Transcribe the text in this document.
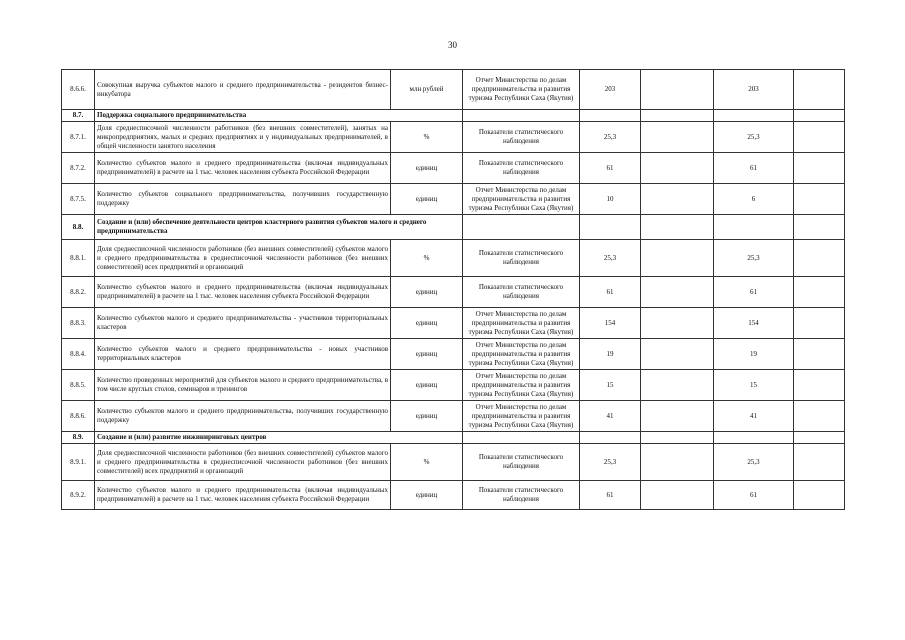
30
8.6.6.	Совокупная выручка субъектов малого и среднего предпринимательства - резидентов бизнес-инкубатора	млн рублей	Отчет Министерства по делам предпринимательства и развития туризма Республики Саха (Якутия)	203		203	
8.7.	Поддержка социального предпринимательства						
8.7.1.	Доля среднесписочной численности работников (без внешних совместителей), занятых на микропредприятиях, малых и средних предприятиях и у индивидуальных предпринимателей, в общей численности занятого населения	%	Показатели статистического наблюдения	25,3		25,3	
8.7.2.	Количество субъектов малого и среднего предпринимательства (включая индивидуальных предпринимателей) в расчете на 1 тыс. человек населения субъекта Российской Федерации	единиц	Показатели статистического наблюдения	61		61	
8.7.5.	Количество субъектов социального предпринимательства, получивших государственную поддержку	единиц	Отчет Министерства по делам предпринимательства и развития туризма Республики Саха (Якутия)	10		6	
8.8.	Создание и (или) обеспечение деятельности центров кластерного развития субъектов малого и среднего предпринимательства						
8.8.1.	Доля среднесписочной численности работников (без внешних совместителей) субъектов малого и среднего предпринимательства в среднесписочной численности работников (без внешних совместителей) всех предприятий и организаций	%	Показатели статистического наблюдения	25,3		25,3	
8.8.2.	Количество субъектов малого и среднего предпринимательства (включая индивидуальных предпринимателей) в расчете на 1 тыс. человек населения субъекта Российской Федерации	единиц	Показатели статистического наблюдения	61		61	
8.8.3.	Количество субъектов малого и среднего предпринимательства - участников территориальных кластеров	единиц	Отчет Министерства по делам предпринимательства и развития туризма Республики Саха (Якутия)	154		154	
8.8.4.	Количество субъектов малого и среднего предпринимательства - новых участников территориальных кластеров	единиц	Отчет Министерства по делам предпринимательства и развития туризма Республики Саха (Якутия)	19		19	
8.8.5.	Количество проведенных мероприятий для субъектов малого и среднего предпринимательства, в том числе круглых столов, семинаров и тренингов	единиц	Отчет Министерства по делам предпринимательства и развития туризма Республики Саха (Якутия)	15		15	
8.8.6.	Количество субъектов малого и среднего предпринимательства, получивших государственную поддержку	единиц	Отчет Министерства по делам предпринимательства и развития туризма Республики Саха (Якутия)	41		41	
8.9.	Создание и (или) развитие инжиниринговых центров						
8.9.1.	Доля среднесписочной численности работников (без внешних совместителей) субъектов малого и среднего предпринимательства в среднесписочной численности работников (без внешних совместителей) всех предприятий и организаций	%	Показатели статистического наблюдения	25,3		25,3	
8.9.2.	Количество субъектов малого и среднего предпринимательства (включая индивидуальных предпринимателей) в расчете на 1 тыс. человек населения субъекта Российской Федерации	единиц	Показатели статистического наблюдения	61		61	
